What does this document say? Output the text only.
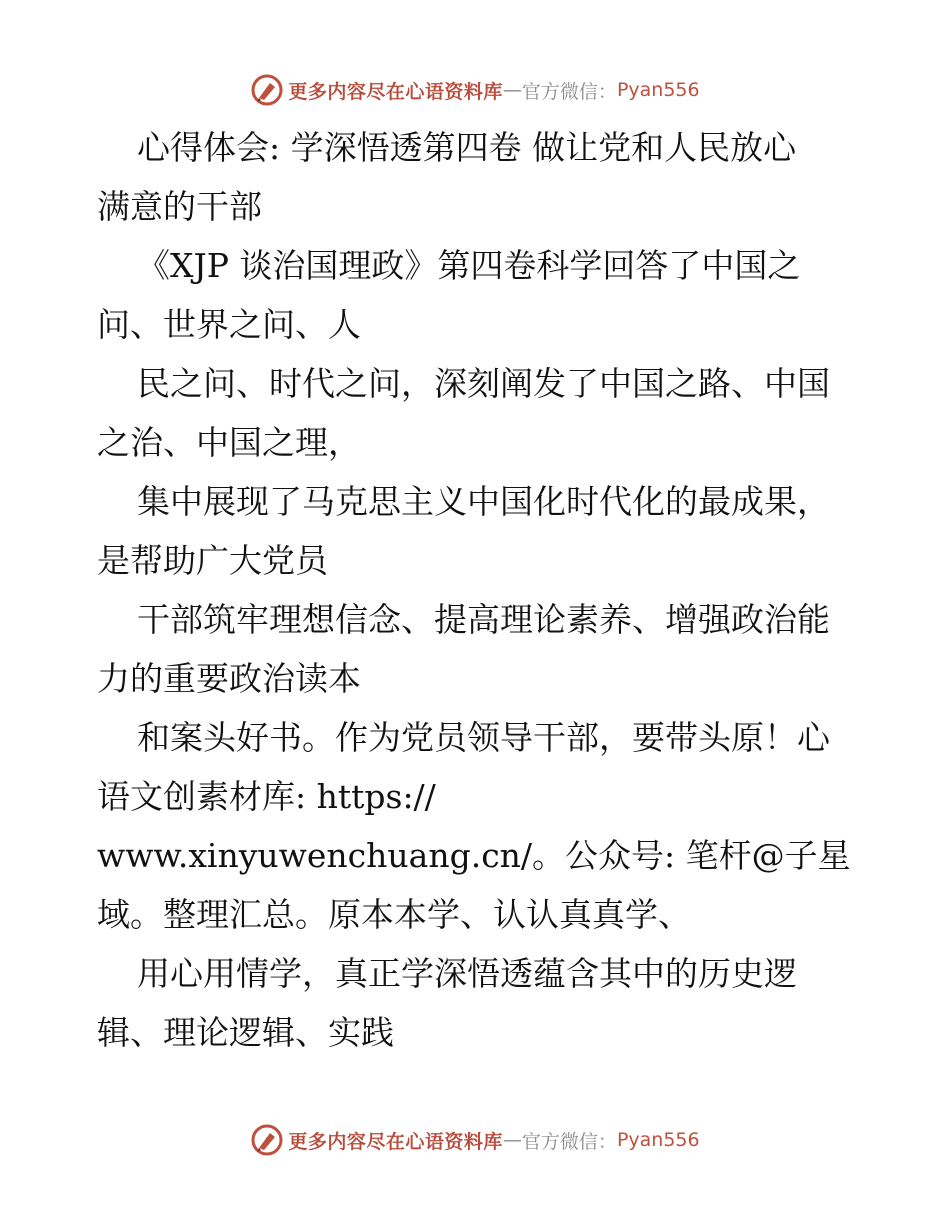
更多内容尽在心语资料库 — 官方微信： Pyan556

心得体会: 学深悟透第四卷 做让党和人民放心

满意的干部

《XJP 谈治国理政》第四卷科学回答了中国之

问、世界之问、人

民之问、时代之问，深刻阐发了中国之路、中国

之治、中国之理，

集中展现了马克思主义中国化时代化的最成果，

是帮助广大党员

干部筑牢理想信念、提高理论素养、增强政治能

力的重要政治读本

和案头好书。作为党员领导干部，要带头原！心

语文创素材库: https://

www.xinyuwenchuang.cn/。公众号: 笔杆@子星

域。整理汇总。原本本学、认认真真学、

用心用情学，真正学深悟透蕴含其中的历史逻

辑、理论逻辑、实践

更多内容尽在心语资料库 — 官方微信： Pyan556
